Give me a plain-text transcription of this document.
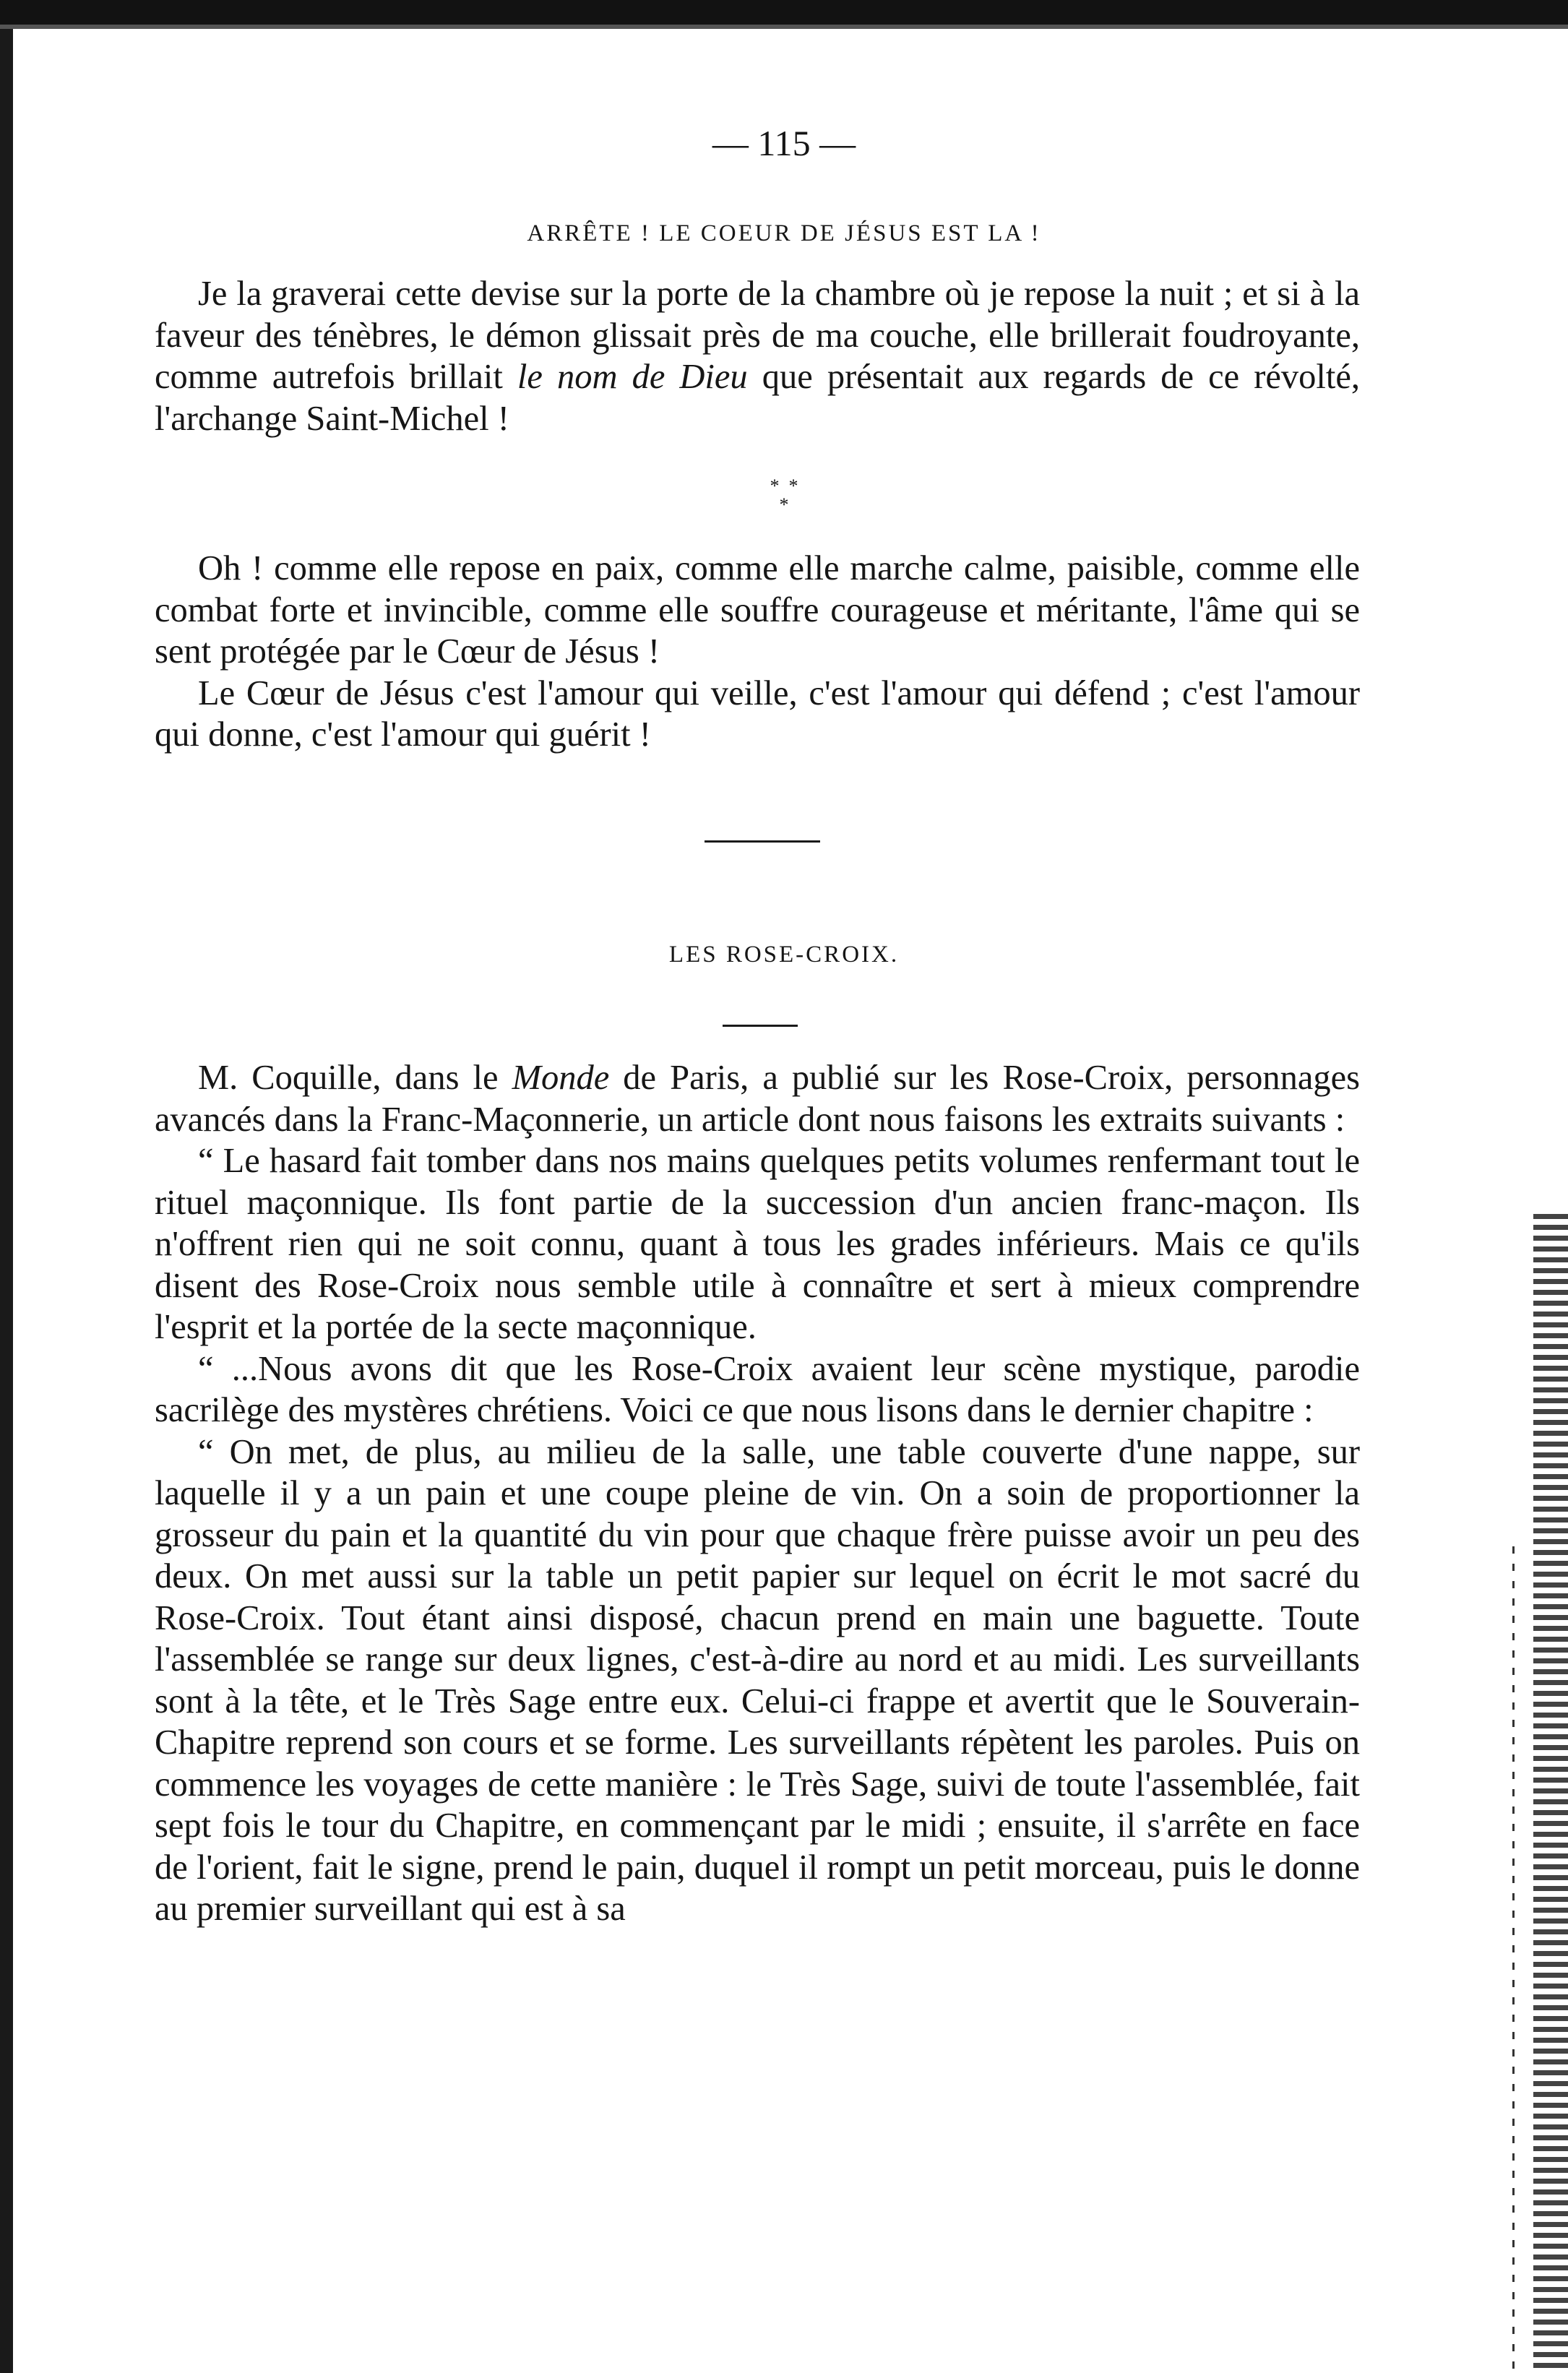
— 115 —
ARRÊTE ! LE COEUR DE JÉSUS EST LA !

Je la graverai cette devise sur la porte de la chambre où je repose la nuit ; et si à la faveur des ténèbres, le démon glissait près de ma couche, elle brillerait foudroyante, comme autrefois brillait le nom de Dieu que présentait aux regards de ce révolté, l'archange Saint-Michel !

*  *
*

Oh ! comme elle repose en paix, comme elle marche calme, paisible, comme elle combat forte et invincible, comme elle souffre courageuse et méritante, l'âme qui se sent protégée par le Cœur de Jésus !

Le Cœur de Jésus c'est l'amour qui veille, c'est l'amour qui défend ; c'est l'amour qui donne, c'est l'amour qui guérit !

LES ROSE-CROIX.

M. Coquille, dans le Monde de Paris, a publié sur les Rose-Croix, personnages avancés dans la Franc-Maçonnerie, un article dont nous faisons les extraits suivants :

“ Le hasard fait tomber dans nos mains quelques petits volumes renfermant tout le rituel maçonnique. Ils font partie de la succession d'un ancien franc-maçon. Ils n'offrent rien qui ne soit connu, quant à tous les grades inférieurs. Mais ce qu'ils disent des Rose-Croix nous semble utile à connaître et sert à mieux comprendre l'esprit et la portée de la secte maçonnique.

“ ...Nous avons dit que les Rose-Croix avaient leur scène mystique, parodie sacrilège des mystères chrétiens. Voici ce que nous lisons dans le dernier chapitre :

“ On met, de plus, au milieu de la salle, une table couverte d'une nappe, sur laquelle il y a un pain et une coupe pleine de vin. On a soin de proportionner la grosseur du pain et la quantité du vin pour que chaque frère puisse avoir un peu des deux. On met aussi sur la table un petit papier sur lequel on écrit le mot sacré du Rose-Croix. Tout étant ainsi disposé, chacun prend en main une baguette. Toute l'assemblée se range sur deux lignes, c'est-à-dire au nord et au midi. Les surveillants sont à la tête, et le Très Sage entre eux. Celui-ci frappe et avertit que le Souverain-Chapitre reprend son cours et se forme. Les surveillants répètent les paroles. Puis on commence les voyages de cette manière : le Très Sage, suivi de toute l'assemblée, fait sept fois le tour du Chapitre, en commençant par le midi ; ensuite, il s'arrête en face de l'orient, fait le signe, prend le pain, duquel il rompt un petit morceau, puis le donne au premier surveillant qui est à sa
